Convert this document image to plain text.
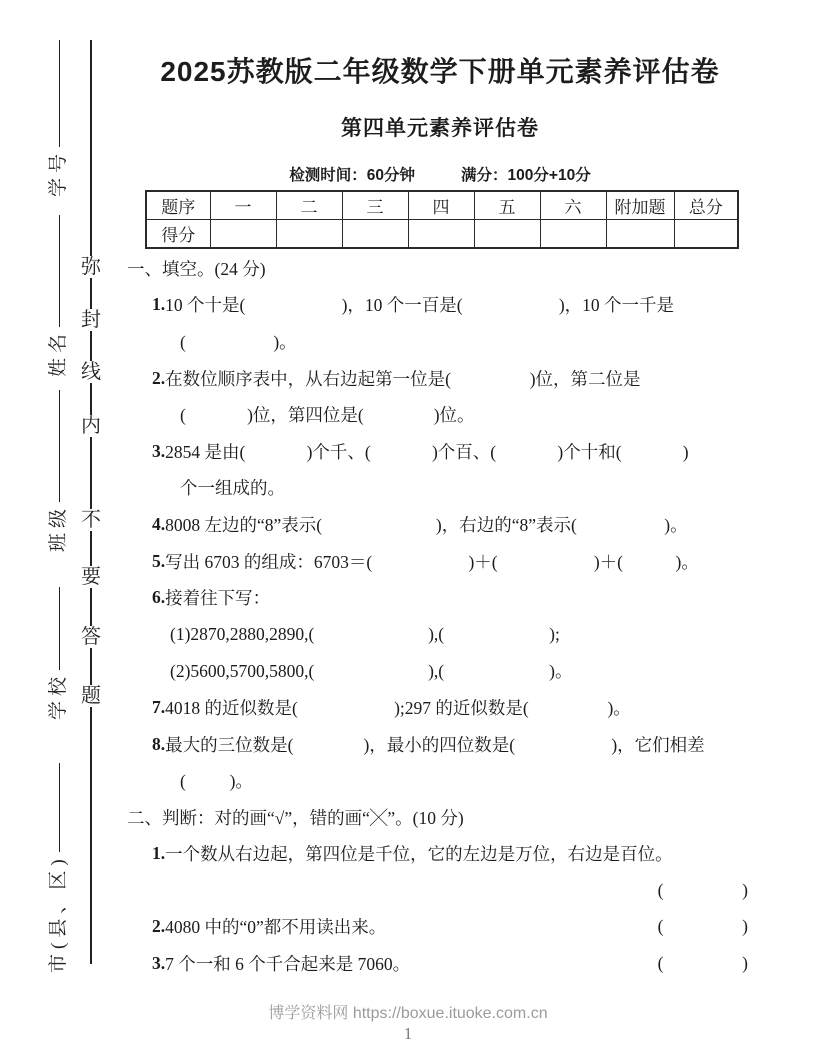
学号
姓名
班级
学校
市(县、区)
弥
封
线
内
不
要
答
题
2025苏教版二年级数学下册单元素养评估卷
第四单元素养评估卷
检测时间：60分钟	满分：100分+10分
题序	一	二	三	四	五	六	附加题	总分
得分								
一、填空。(24 分)
1. 10 个十是(                      )，10 个一百是(                      )，10 个一千是
(                    )。
2. 在数位顺序表中，从右边起第一位是(                  )位，第二位是
(              )位，第四位是(                )位。
3. 2854 是由(              )个千、(              )个百、(              )个十和(              )
个一组成的。
4. 8008 左边的“8”表示(                          )，右边的“8”表示(                    )。
5. 写出 6703 的组成：6703＝(                      )＋(                      )＋(            )。
6. 接着往下写：
(1)2870,2880,2890,(                          ),(                        );
(2)5600,5700,5800,(                          ),(                        )。
7. 4018 的近似数是(                      );297 的近似数是(                  )。
8. 最大的三位数是(                )，最小的四位数是(                      )，它们相差
(          )。
二、判断：对的画“√”，错的画“╳”。(10 分)
1. 一个数从右边起，第四位是千位，它的左边是万位，右边是百位。
(                  )
2. 4080 中的“0”都不用读出来。	(                  )
3. 7 个一和 6 个千合起来是 7060。	(                  )
博学资料网 https://boxue.ituoke.com.cn
1
